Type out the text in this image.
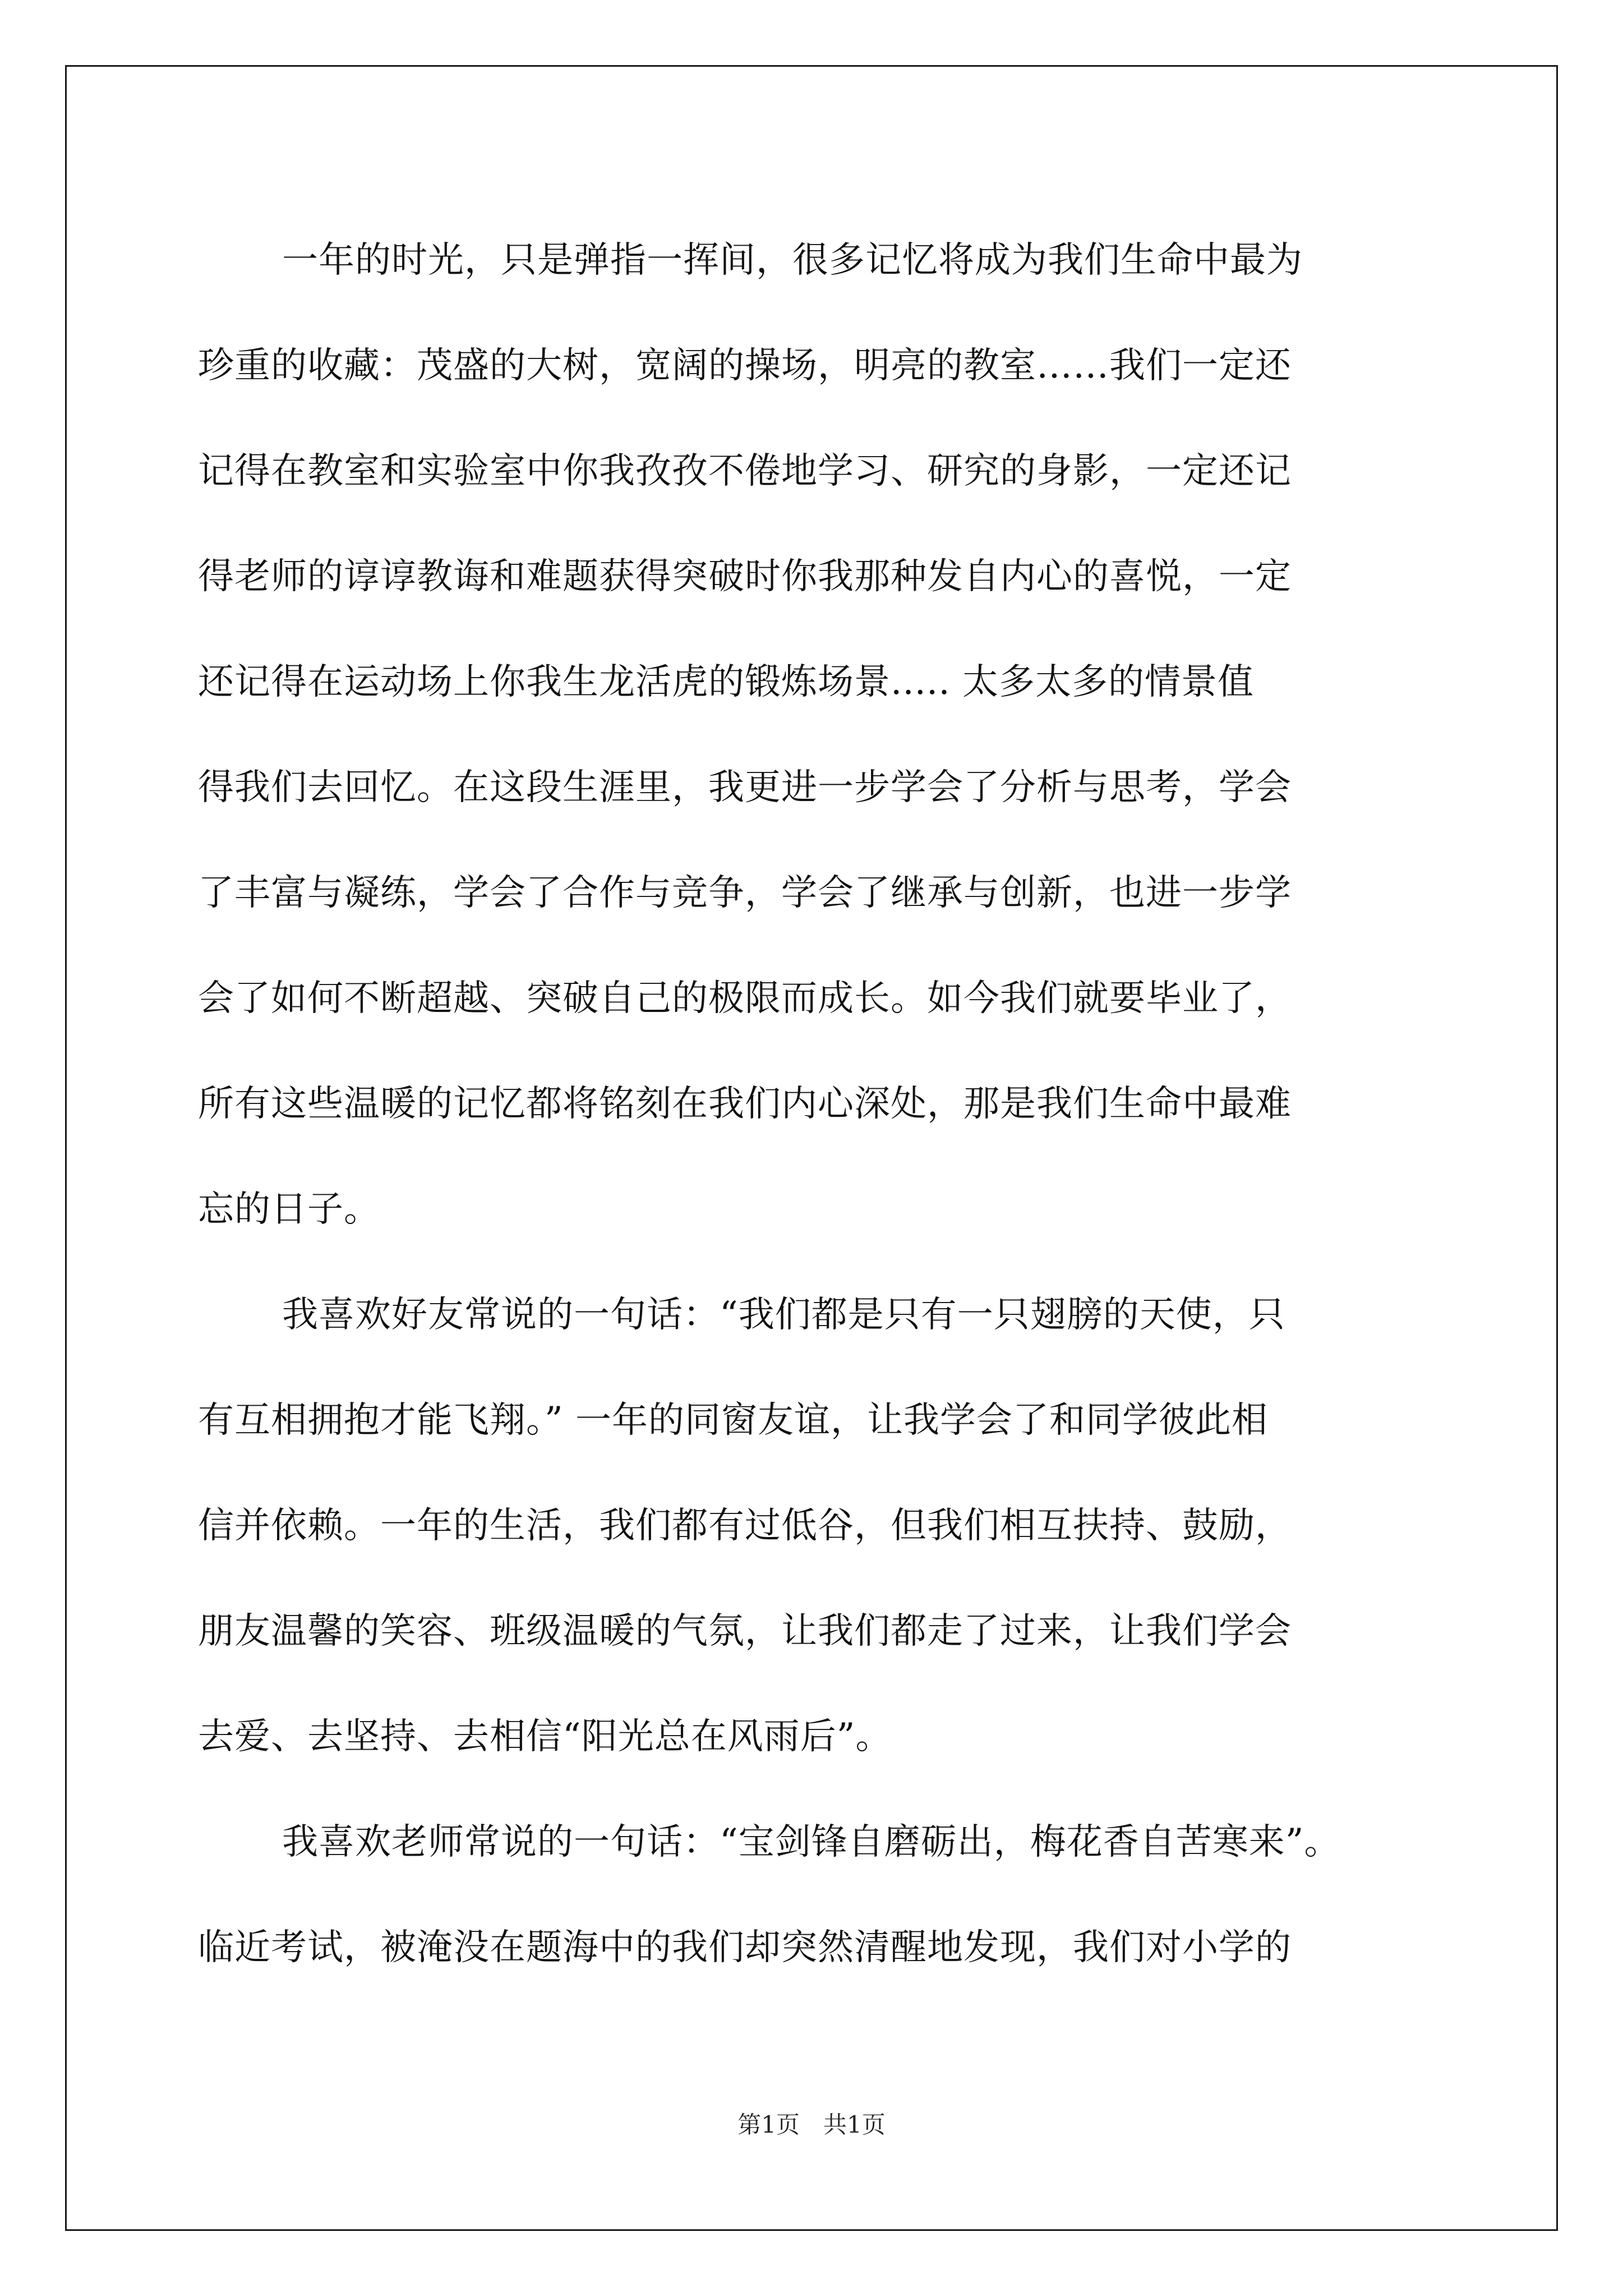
一年的时光，只是弹指一挥间，很多记忆将成为我们生命中最为
珍重的收藏：茂盛的大树，宽阔的操场，明亮的教室……我们一定还
记得在教室和实验室中你我孜孜不倦地学习、研究的身影，一定还记
得老师的谆谆教诲和难题获得突破时你我那种发自内心的喜悦，一定
还记得在运动场上你我生龙活虎的锻炼场景..... 太多太多的情景值
得我们去回忆。在这段生涯里，我更进一步学会了分析与思考，学会
了丰富与凝练，学会了合作与竞争，学会了继承与创新，也进一步学
会了如何不断超越、突破自己的极限而成长。如今我们就要毕业了，
所有这些温暖的记忆都将铭刻在我们内心深处，那是我们生命中最难
忘的日子。
我喜欢好友常说的一句话：“我们都是只有一只翅膀的天使，只
有互相拥抱才能飞翔。” 一年的同窗友谊，让我学会了和同学彼此相
信并依赖。一年的生活，我们都有过低谷，但我们相互扶持、鼓励，
朋友温馨的笑容、班级温暖的气氛，让我们都走了过来，让我们学会
去爱、去坚持、去相信“阳光总在风雨后”。
我喜欢老师常说的一句话：“宝剑锋自磨砺出，梅花香自苦寒来”。
临近考试，被淹没在题海中的我们却突然清醒地发现，我们对小学的
第1页 共1页
